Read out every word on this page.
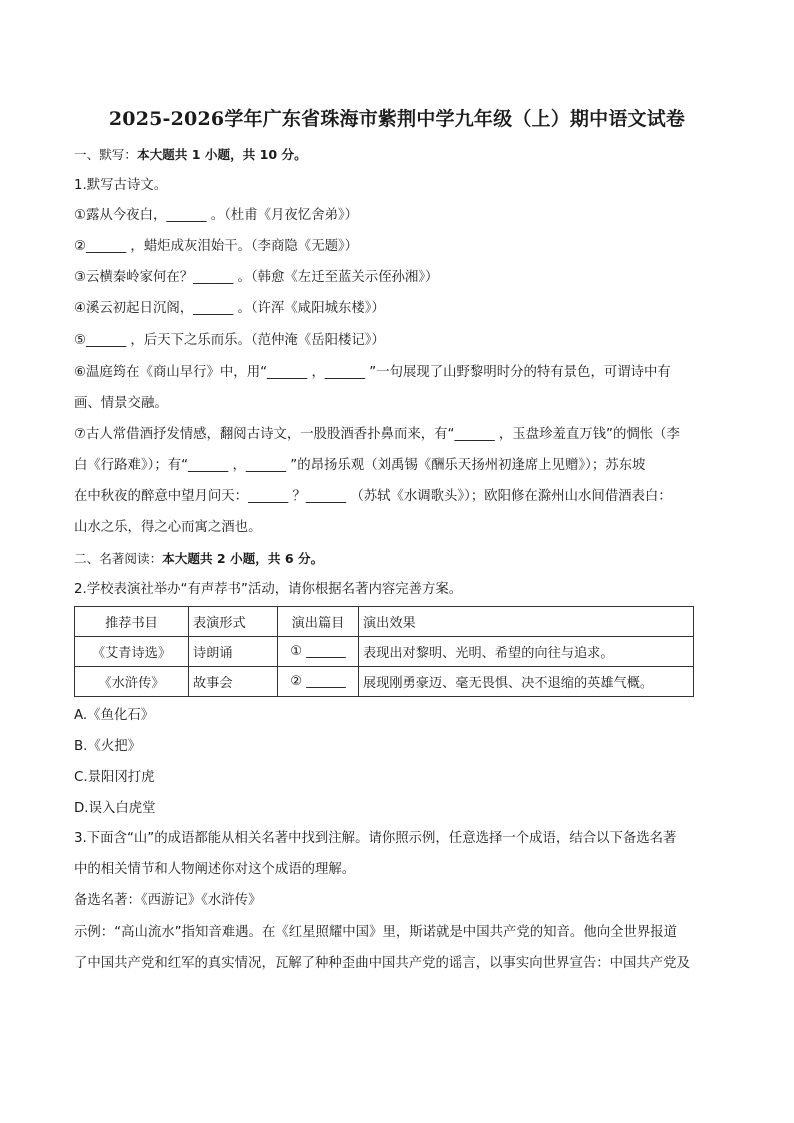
2025-2026学年广东省珠海市紫荆中学九年级（上）期中语文试卷
一、默写：本大题共 1 小题，共 10 分。
1.默写古诗文。
①露从今夜白，______ 。（杜甫《月夜忆舍弟》）
②______ ，蜡炬成灰泪始干。（李商隐《无题》）
③云横秦岭家何在？______ 。（韩愈《左迁至蓝关示侄孙湘》）
④溪云初起日沉阁，______ 。（许浑《咸阳城东楼》）
⑤______ ，后天下之乐而乐。（范仲淹《岳阳楼记》）
⑥温庭筠在《商山早行》中，用“______ ，______ ”一句展现了山野黎明时分的特有景色，可谓诗中有
画、情景交融。
⑦古人常借酒抒发情感，翻阅古诗文，一股股酒香扑鼻而来，有“______ ，玉盘珍羞直万钱”的惆怅（李
白《行路难》）；有“______ ，______ ”的昂扬乐观（刘禹锡《酬乐天扬州初逢席上见赠》）；苏东坡
在中秋夜的醉意中望月问天：______ ？______ （苏轼《水调歌头》）；欧阳修在滁州山水间借酒表白：
山水之乐，得之心而寓之酒也。
二、名著阅读：本大题共 2 小题，共 6 分。
2.学校表演社举办“有声荐书”活动，请你根据名著内容完善方案。
推荐书目	表演形式	演出篇目	演出效果
《艾青诗选》	诗朗诵	① ______	表现出对黎明、光明、希望的向往与追求。
《水浒传》	故事会	② ______	展现刚勇豪迈、毫无畏惧、决不退缩的英雄气概。
A.《鱼化石》
B.《火把》
C.景阳冈打虎
D.误入白虎堂
3.下面含“山”的成语都能从相关名著中找到注解。请你照示例，任意选择一个成语，结合以下备选名著
中的相关情节和人物阐述你对这个成语的理解。
备选名著：《西游记》《水浒传》
示例：“高山流水”指知音难遇。在《红星照耀中国》里，斯诺就是中国共产党的知音。他向全世界报道
了中国共产党和红军的真实情况，瓦解了种种歪曲中国共产党的谣言，以事实向世界宣告：中国共产党及
